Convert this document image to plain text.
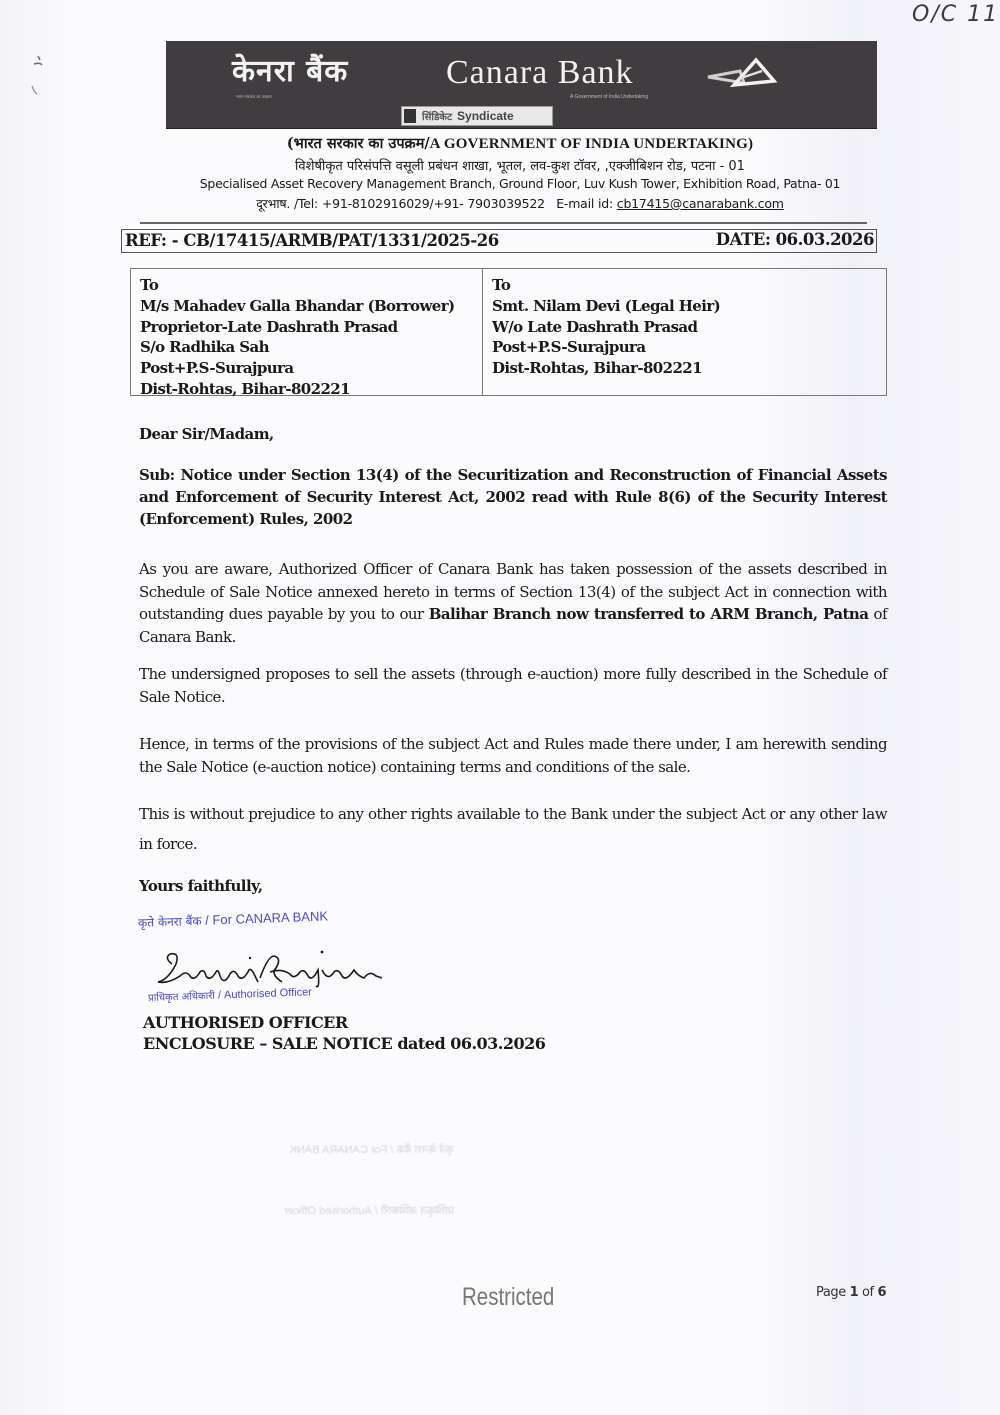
O/C 11
केनरा बैंक
भारत सरकार का उपक्रम
Canara Bank
A Government of India Undertaking
सिंडिकेट Syndicate
(भारत सरकार का उपक्रम/A GOVERNMENT OF INDIA UNDERTAKING)
विशेषीकृत परिसंपत्ति वसूली प्रबंधन शाखा, भूतल, लव-कुश टॉवर, ,एक्जीबिशन रोड, पटना - 01
Specialised Asset Recovery Management Branch, Ground Floor, Luv Kush Tower, Exhibition Road, Patna- 01
दूरभाष. /Tel: +91-8102916029/+91- 7903039522 E-mail id: cb17415@canarabank.com
REF: - CB/17415/ARMB/PAT/1331/2025-26	DATE: 06.03.2026
To
M/s Mahadev Galla Bhandar (Borrower)
Proprietor-Late Dashrath Prasad
S/o Radhika Sah
Post+P.S-Surajpura
Dist-Rohtas, Bihar-802221
To
Smt. Nilam Devi (Legal Heir)
W/o Late Dashrath Prasad
Post+P.S-Surajpura
Dist-Rohtas, Bihar-802221
Dear Sir/Madam,
Sub: Notice under Section 13(4) of the Securitization and Reconstruction of Financial Assets and Enforcement of Security Interest Act, 2002 read with Rule 8(6) of the Security Interest (Enforcement) Rules, 2002
As you are aware, Authorized Officer of Canara Bank has taken possession of the assets described in Schedule of Sale Notice annexed hereto in terms of Section 13(4) of the subject Act in connection with outstanding dues payable by you to our Balihar Branch now transferred to ARM Branch, Patna of Canara Bank.
The undersigned proposes to sell the assets (through e-auction) more fully described in the Schedule of Sale Notice.
Hence, in terms of the provisions of the subject Act and Rules made there under, I am herewith sending the Sale Notice (e-auction notice) containing terms and conditions of the sale.
This is without prejudice to any other rights available to the Bank under the subject Act or any other law in force.
Yours faithfully,
कृते केनरा बैंक / For CANARA BANK
प्राधिकृत अधिकारी / Authorised Officer
AUTHORISED OFFICER
ENCLOSURE – SALE NOTICE dated 06.03.2026
कृते केनरा बैंक / For CANARA BANK
प्राधिकृत अधिकारी / Authorised Officer
Restricted	Page 1 of 6
